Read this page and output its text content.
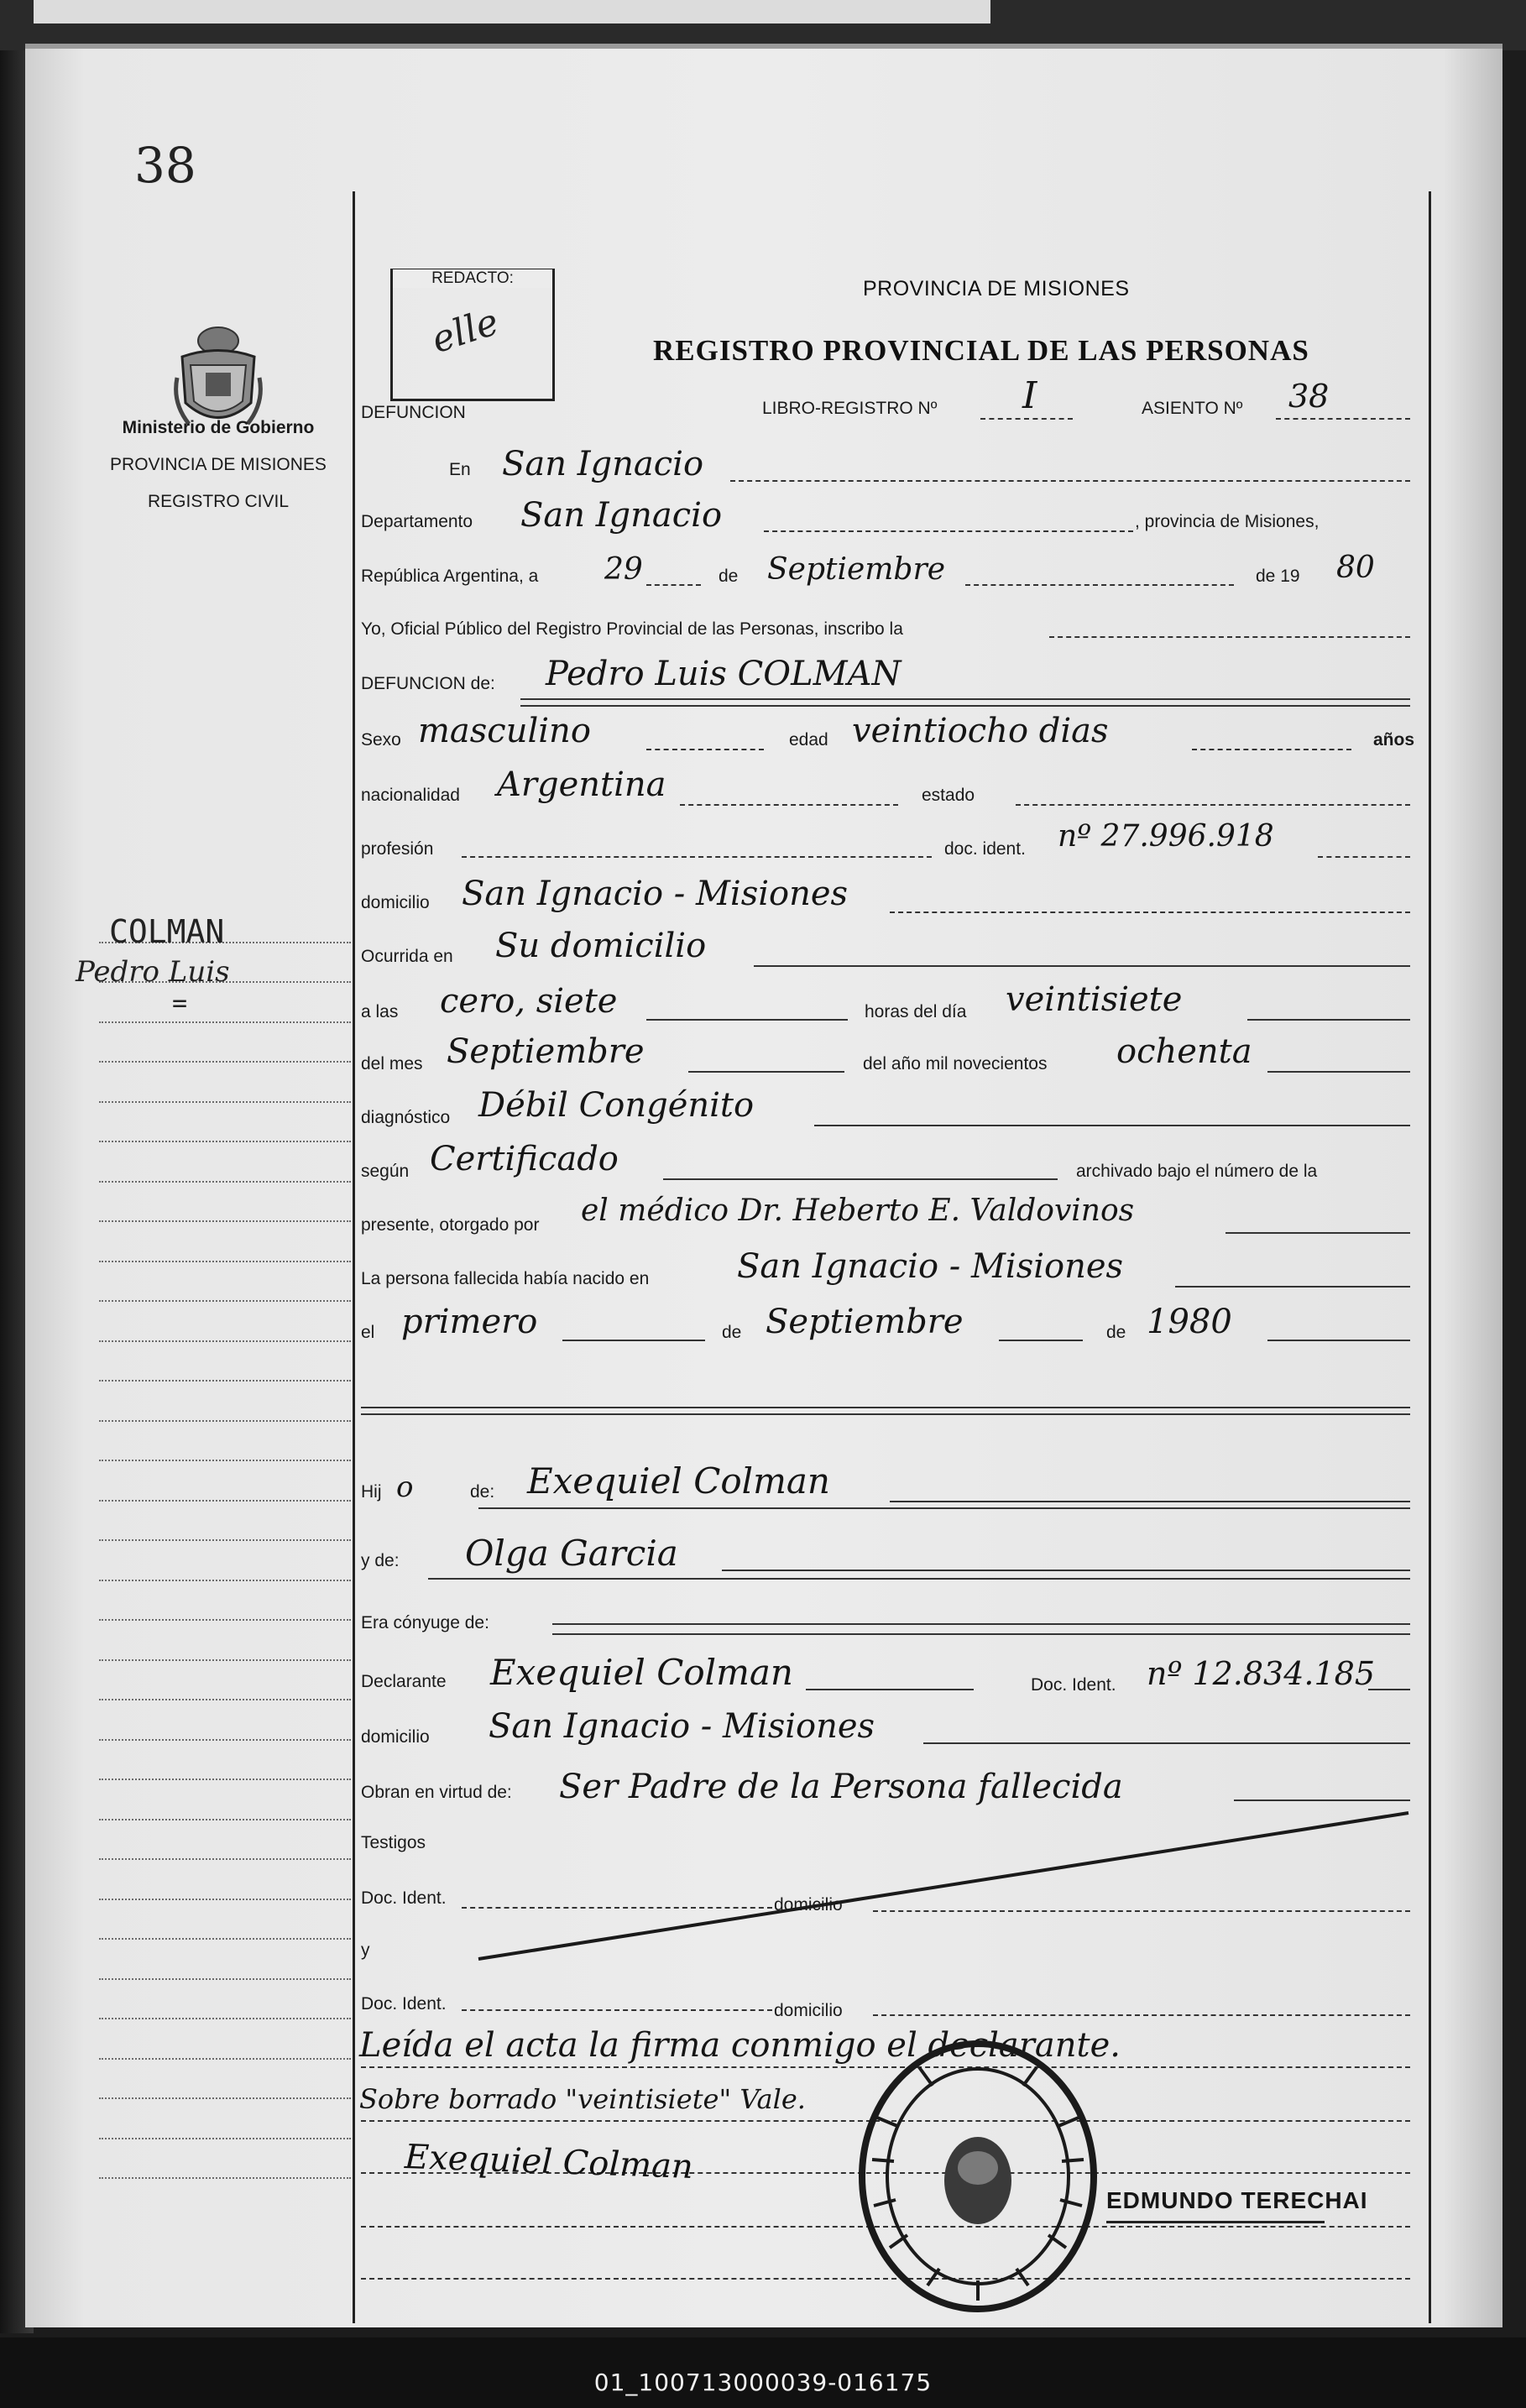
38
Ministerio de Gobierno
PROVINCIA DE MISIONES
REGISTRO CIVIL
COLMAN
Pedro Luis
=
REDACTO:
elle
PROVINCIA DE MISIONES
REGISTRO PROVINCIAL DE LAS PERSONAS
DEFUNCION	LIBRO-REGISTRO Nº I	ASIENTO Nº 38
En San Ignacio
Departamento San Ignacio	, provincia de Misiones,
República Argentina, a 29	de Septiembre	de 19 80
Yo, Oficial Público del Registro Provincial de las Personas, inscribo la
DEFUNCION de: Pedro Luis COLMAN
Sexo masculino	edad veintiocho dias	años
nacionalidad Argentina	estado
profesión	doc. ident. nº 27.996.918
domicilio San Ignacio - Misiones
Ocurrida en Su domicilio
a las cero, siete	horas del día veintisiete
del mes Septiembre	del año mil novecientos ochenta
diagnóstico Débil Congénito
según Certificado	archivado bajo el número de la
presente, otorgado por el médico Dr. Heberto E. Valdovinos
La persona fallecida había nacido en	San Ignacio - Misiones
el primero	de Septiembre	de 1980
Hij o	de: Exequiel Colman
y de: Olga Garcia
Era cónyuge de:
Declarante Exequiel Colman	Doc. Ident. nº 12.834.185
domicilio San Ignacio - Misiones
Obran en virtud de: Ser Padre de la Persona fallecida
Testigos
Doc. Ident.	domicilio
y
Doc. Ident.	domicilio
Leída el acta la firma conmigo el declarante.
Sobre borrado "veintisiete" Vale.
Exequiel Colman
EDMUNDO TERECHAI
01_100713000039-016175
